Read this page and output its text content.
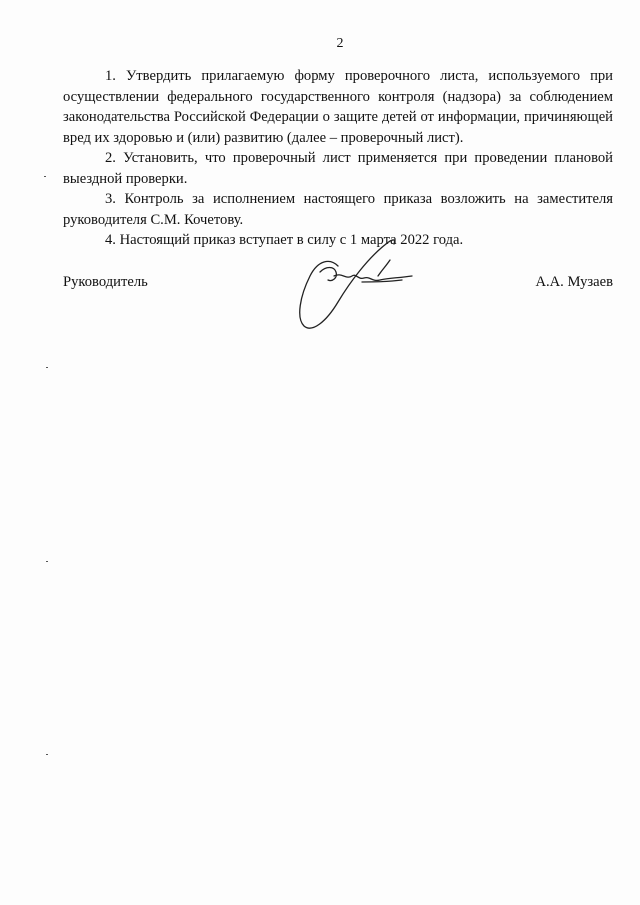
2

1. Утвердить прилагаемую форму проверочного листа, используемого при осуществлении федерального государственного контроля (надзора) за соблюдением законодательства Российской Федерации о защите детей от информации, причиняющей вред их здоровью и (или) развитию (далее – проверочный лист).

2. Установить, что проверочный лист применяется при проведении плановой выездной проверки.

3. Контроль за исполнением настоящего приказа возложить на заместителя руководителя С.М. Кочетову.

4. Настоящий приказ вступает в силу с 1 марта 2022 года.

Руководитель	А.А. Музаев
